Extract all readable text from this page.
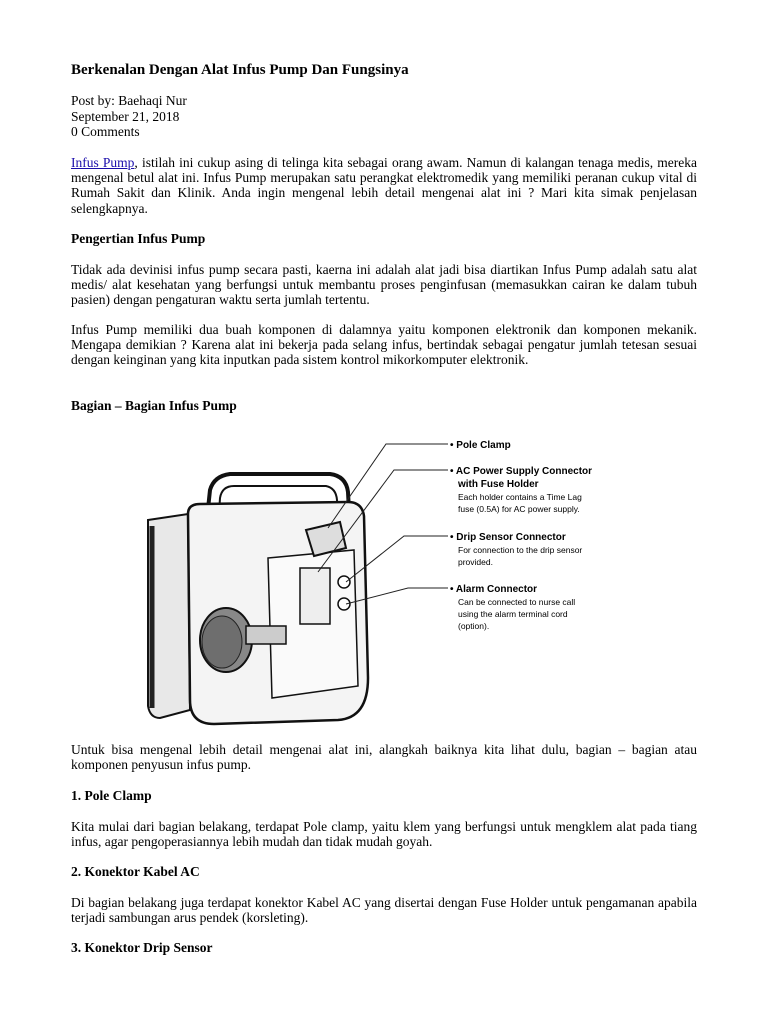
Berkenalan Dengan Alat Infus Pump Dan Fungsinya
Post by: Baehaqi Nur
September 21, 2018
0 Comments

Infus Pump, istilah ini cukup asing di telinga kita sebagai orang awam. Namun di kalangan tenaga medis, mereka mengenal betul alat ini. Infus Pump merupakan satu perangkat elektromedik yang memiliki peranan cukup vital di Rumah Sakit dan Klinik. Anda ingin mengenal lebih detail mengenai alat ini ? Mari kita simak penjelasan selengkapnya.

Pengertian Infus Pump

Tidak ada devinisi infus pump secara pasti, kaerna ini adalah alat jadi bisa diartikan Infus Pump adalah satu alat medis/ alat kesehatan yang berfungsi untuk membantu proses penginfusan (memasukkan cairan ke dalam tubuh pasien) dengan pengaturan waktu serta jumlah tertentu.

Infus Pump memiliki dua buah komponen di dalamnya yaitu komponen elektronik dan komponen mekanik. Mengapa demikian ? Karena alat ini bekerja pada selang infus, bertindak sebagai pengatur jumlah tetesan sesuai dengan keinginan yang kita inputkan pada sistem kontrol mikorkomputer elektronik.

Bagian – Bagian Infus Pump

Untuk bisa mengenal lebih detail mengenai alat ini, alangkah baiknya kita lihat dulu, bagian – bagian atau komponen penyusun infus pump.

1. Pole Clamp

Kita mulai dari bagian belakang, terdapat Pole clamp, yaitu klem yang berfungsi untuk mengklem alat pada tiang infus, agar pengoperasiannya lebih mudah dan tidak mudah goyah.

2. Konektor Kabel AC

Di bagian belakang juga terdapat konektor Kabel AC yang disertai dengan Fuse Holder untuk pengamanan apabila terjadi sambungan arus pendek (korsleting).

3. Konektor Drip Sensor
• Pole Clamp
• AC Power Supply Connector
with Fuse Holder
Each holder contains a Time Lag
fuse (0.5A) for AC power supply.
• Drip Sensor Connector
For connection to the drip sensor
provided.
• Alarm Connector
Can be connected to nurse call
using the alarm terminal cord
(option).
